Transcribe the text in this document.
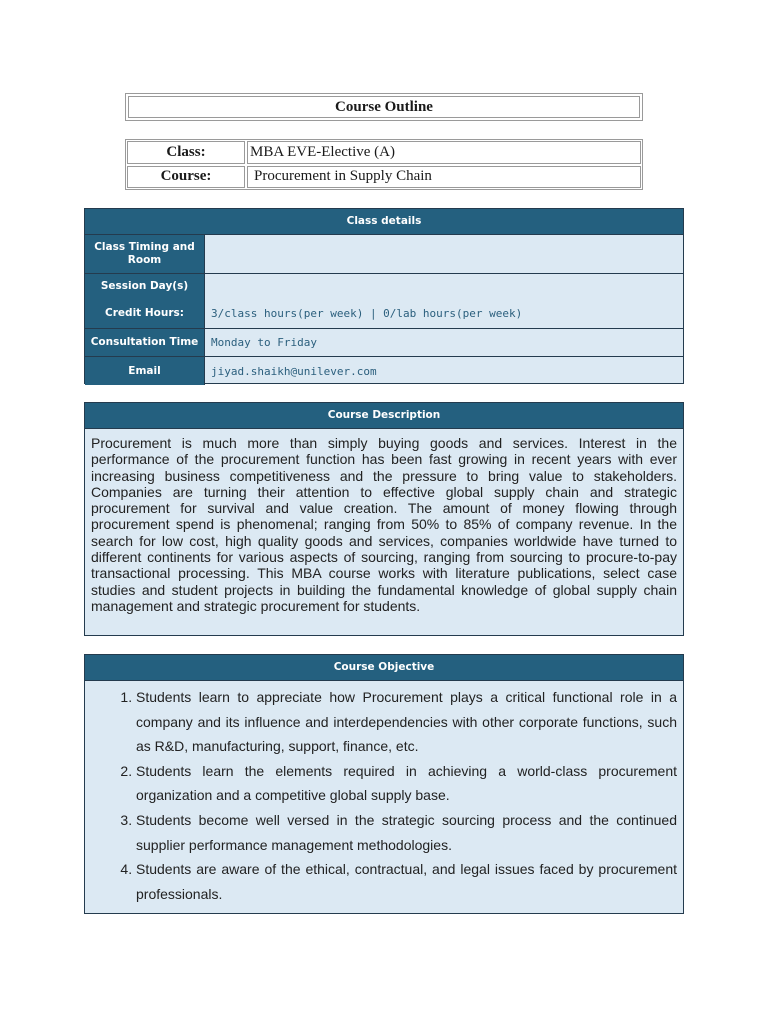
Course Outline
Class:	MBA EVE-Elective (A)
Course:	Procurement in Supply Chain
Class details
Class Timing and Room
Session Day(s)
Credit Hours:	3/class hours(per week) | 0/lab hours(per week)
Consultation Time	Monday to Friday
Email	jiyad.shaikh@unilever.com
Course Description
Procurement is much more than simply buying goods and services. Interest in the performance of the procurement function has been fast growing in recent years with ever increasing business competitiveness and the pressure to bring value to stakeholders. Companies are turning their attention to effective global supply chain and strategic procurement for survival and value creation. The amount of money flowing through procurement spend is phenomenal; ranging from 50% to 85% of company revenue. In the search for low cost, high quality goods and services, companies worldwide have turned to different continents for various aspects of sourcing, ranging from sourcing to procure-to-pay transactional processing. This MBA course works with literature publications, select case studies and student projects in building the fundamental knowledge of global supply chain management and strategic procurement for students.
Course Objective
1. Students learn to appreciate how Procurement plays a critical functional role in a company and its influence and interdependencies with other corporate functions, such as R&D, manufacturing, support, finance, etc.
2. Students learn the elements required in achieving a world-class procurement organization and a competitive global supply base.
3. Students become well versed in the strategic sourcing process and the continued supplier performance management methodologies.
4. Students are aware of the ethical, contractual, and legal issues faced by procurement professionals.
